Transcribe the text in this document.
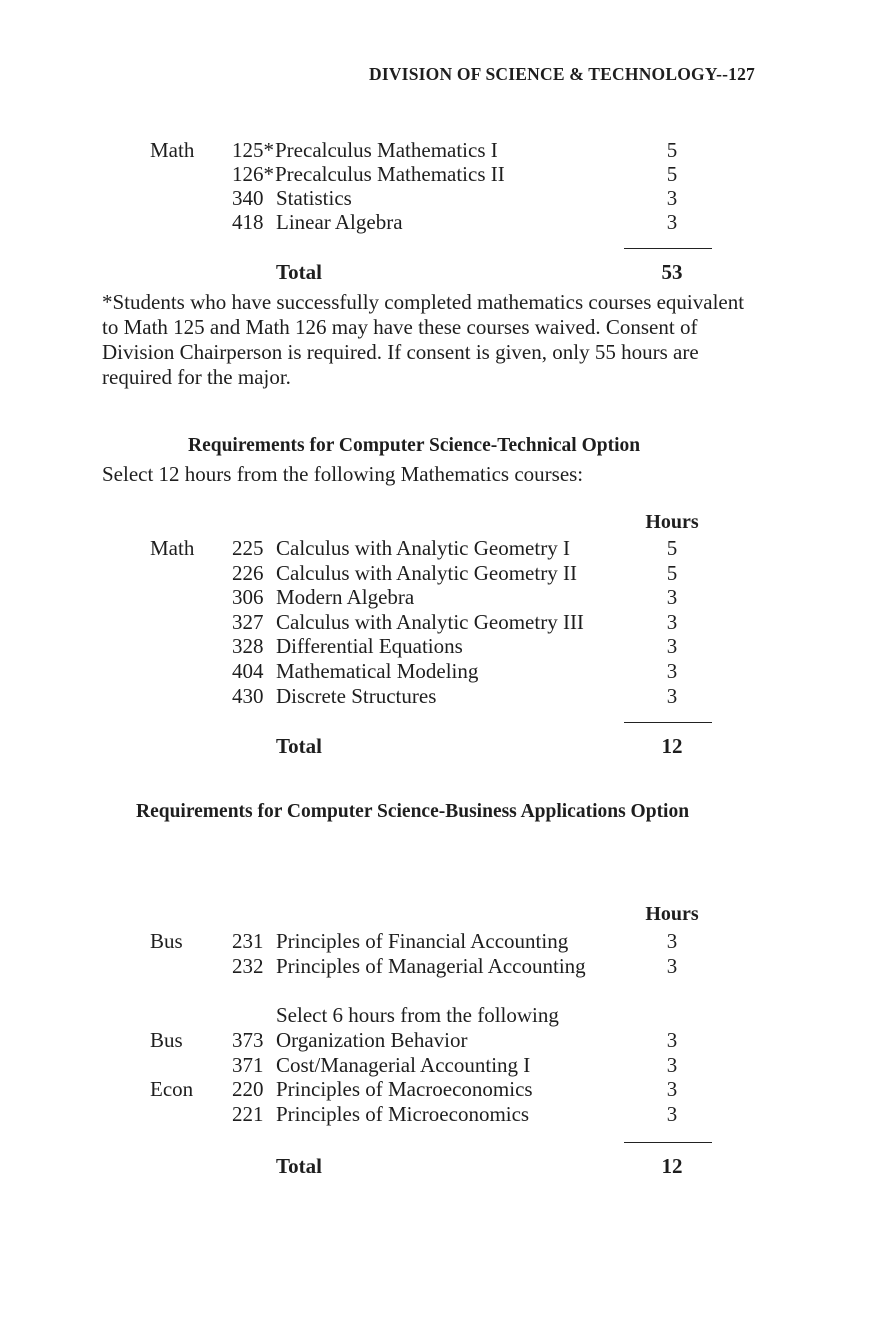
DIVISION OF SCIENCE & TECHNOLOGY--127
Math 125* Precalculus Mathematics I	5
126* Precalculus Mathematics II	5
340 Statistics	3
418 Linear Algebra	3
Total	53
*Students who have successfully completed mathematics courses equivalent
to Math 125 and Math 126 may have these courses waived. Consent of
Division Chairperson is required. If consent is given, only 55 hours are
required for the major.
Requirements for Computer Science-Technical Option
Select 12 hours from the following Mathematics courses:
Hours
Math 225 Calculus with Analytic Geometry I	5
226 Calculus with Analytic Geometry II	5
306 Modern Algebra	3
327 Calculus with Analytic Geometry III	3
328 Differential Equations	3
404 Mathematical Modeling	3
430 Discrete Structures	3
Total	12
Requirements for Computer Science-Business Applications Option
Hours
Bus 231 Principles of Financial Accounting	3
232 Principles of Managerial Accounting	3
Select 6 hours from the following
Bus 373 Organization Behavior	3
371 Cost/Managerial Accounting I	3
Econ 220 Principles of Macroeconomics	3
221 Principles of Microeconomics	3
Total	12
